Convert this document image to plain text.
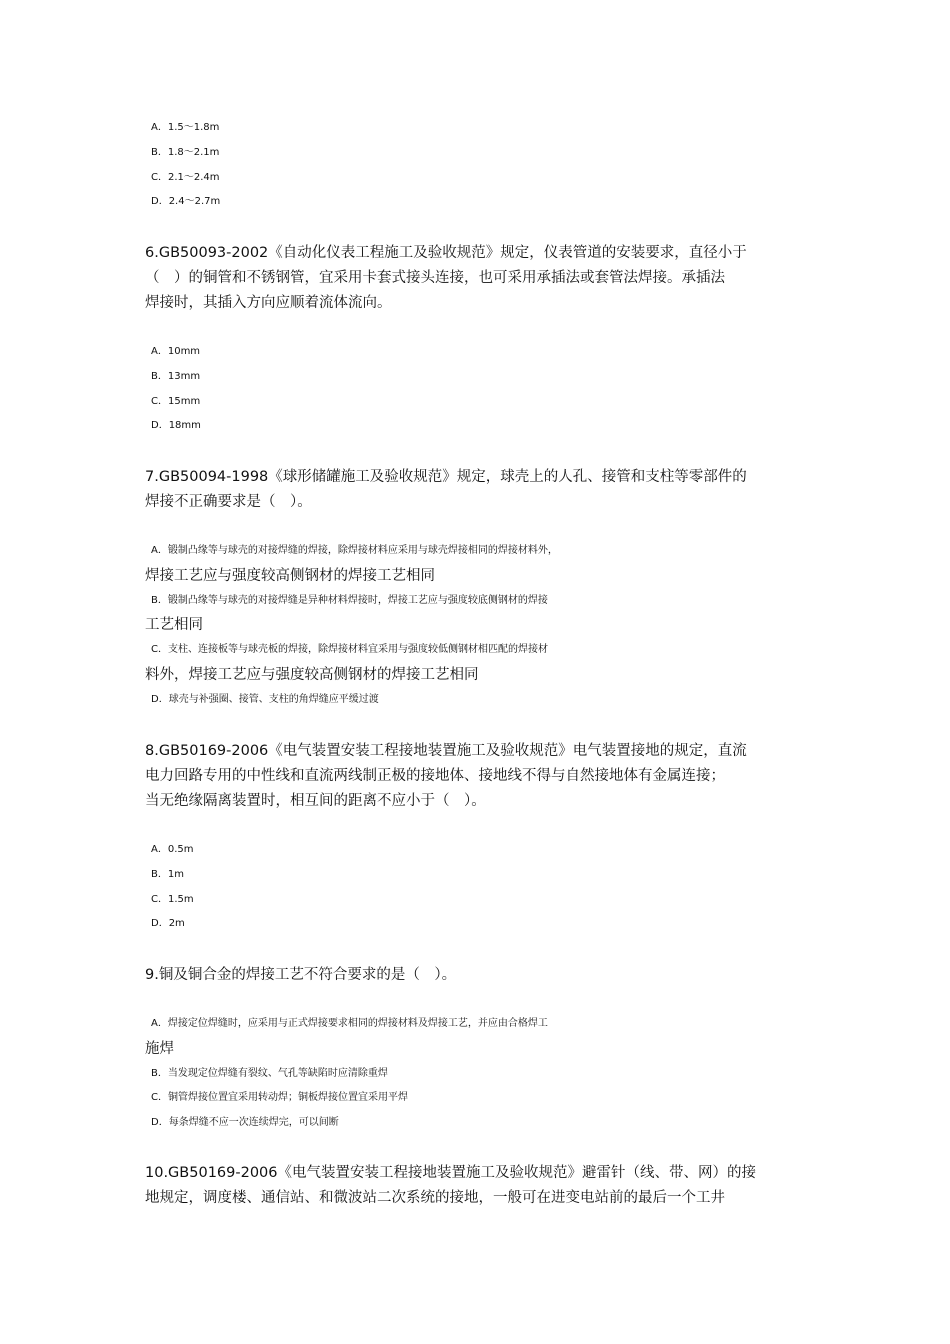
A．1.5～1.8m
B．1.8～2.1m
C．2.1～2.4m
D．2.4～2.7m
6.GB50093-2002《自动化仪表工程施工及验收规范》规定，仪表管道的安装要求，直径小于
（　）的铜管和不锈钢管，宜采用卡套式接头连接，也可采用承插法或套管法焊接。承插法
焊接时，其插入方向应顺着流体流向。
A．10mm
B．13mm
C．15mm
D．18mm
7.GB50094-1998《球形储罐施工及验收规范》规定，球壳上的人孔、接管和支柱等零部件的
焊接不正确要求是（　）。
A．锻制凸缘等与球壳的对接焊缝的焊接，除焊接材料应采用与球壳焊接相同的焊接材料外，
焊接工艺应与强度较高侧钢材的焊接工艺相同
B．锻制凸缘等与球壳的对接焊缝是异种材料焊接时，焊接工艺应与强度较底侧钢材的焊接
工艺相同
C．支柱、连接板等与球壳板的焊接，除焊接材料宜采用与强度较低侧钢材相匹配的焊接材
料外，焊接工艺应与强度较高侧钢材的焊接工艺相同
D．球壳与补强圈、接管、支柱的角焊缝应平缓过渡
8.GB50169-2006《电气装置安装工程接地装置施工及验收规范》电气装置接地的规定，直流
电力回路专用的中性线和直流两线制正极的接地体、接地线不得与自然接地体有金属连接；
当无绝缘隔离装置时，相互间的距离不应小于（　）。
A．0.5m
B．1m
C．1.5m
D．2m
9.铜及铜合金的焊接工艺不符合要求的是（　）。
A．焊接定位焊缝时，应采用与正式焊接要求相同的焊接材料及焊接工艺，并应由合格焊工
施焊
B．当发现定位焊缝有裂纹、气孔等缺陷时应清除重焊
C．铜管焊接位置宜采用转动焊；铜板焊接位置宜采用平焊
D．每条焊缝不应一次连续焊完，可以间断
10.GB50169-2006《电气装置安装工程接地装置施工及验收规范》避雷针（线、带、网）的接
地规定，调度楼、通信站、和微波站二次系统的接地，一般可在进变电站前的最后一个工井
